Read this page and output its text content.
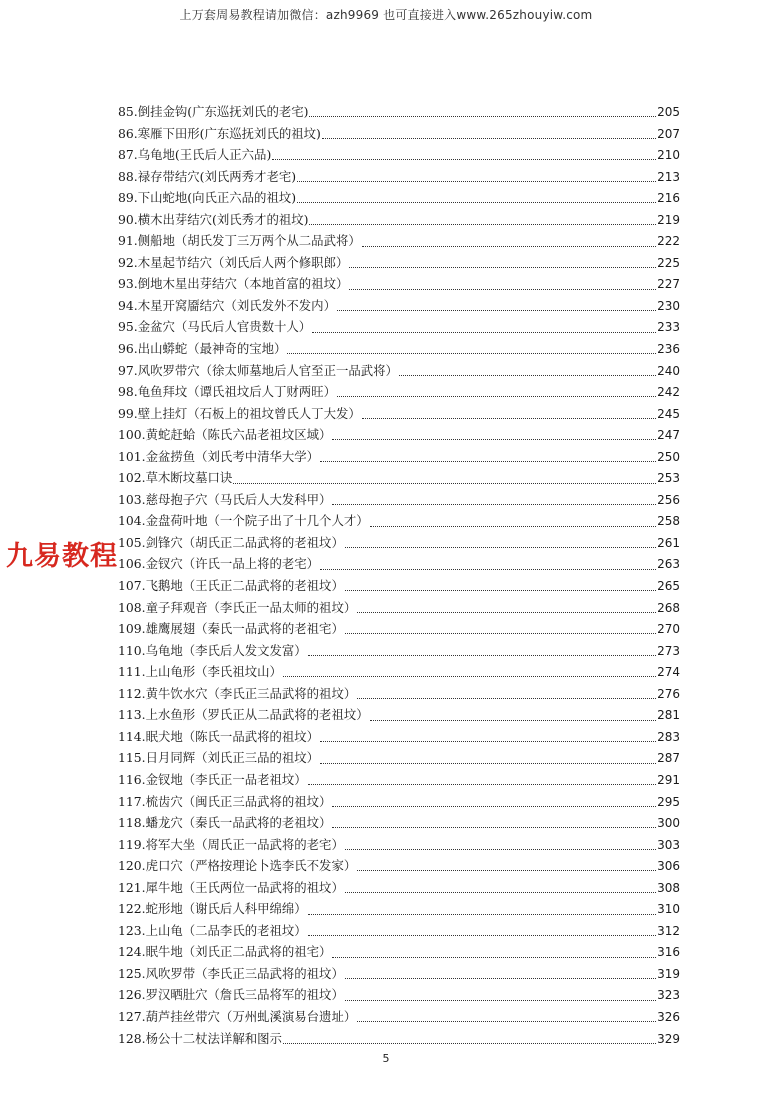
上万套周易教程请加微信：azh9969 也可直接进入www.265zhouyiw.com
85.倒挂金钩(广东巡抚刘氏的老宅)	205
86.寒雁下田形(广东巡抚刘氏的祖坟)	207
87.乌龟地(王氏后人正六品)	210
88.禄存带结穴(刘氏两秀才老宅)	213
89.下山蛇地(向氏正六品的祖坟)	216
90.横木出芽结穴(刘氏秀才的祖坟)	219
91.侧船地（胡氏发丁三万两个从二品武将）	222
92.木星起节结穴（刘氏后人两个修职郎）	225
93.倒地木星出芽结穴（本地首富的祖坟）	227
94.木星开窝靥结穴（刘氏发外不发内）	230
95.金盆穴（马氏后人官贵数十人）	233
96.出山蟒蛇（最神奇的宝地）	236
97.风吹罗带穴（徐太师墓地后人官至正一品武将）	240
98.龟鱼拜坟（谭氏祖坟后人丁财两旺）	242
99.壁上挂灯（石板上的祖坟曾氏人丁大发）	245
100.黄蛇赶蛤（陈氏六品老祖坟区域）	247
101.金盆捞鱼（刘氏考中清华大学）	250
102.草木断坟墓口诀	253
103.慈母抱子穴（马氏后人大发科甲）	256
104.金盘荷叶地（一个院子出了十几个人才）	258
105.剑锋穴（胡氏正二品武将的老祖坟）	261
106.金钗穴（许氏一品上将的老宅）	263
107.飞鹅地（王氏正二品武将的老祖坟）	265
108.童子拜观音（李氏正一品太师的祖坟）	268
109.雄鹰展翅（秦氏一品武将的老祖宅）	270
110.乌龟地（李氏后人发文发富）	273
111.上山龟形（李氏祖坟山）	274
112.黄牛饮水穴（李氏正三品武将的祖坟）	276
113.上水鱼形（罗氏正从二品武将的老祖坟）	281
114.眠犬地（陈氏一品武将的祖坟）	283
115.日月同辉（刘氏正三品的祖坟）	287
116.金钗地（李氏正一品老祖坟）	291
117.梳齿穴（闽氏正三品武将的祖坟）	295
118.蟠龙穴（秦氏一品武将的老祖坟）	300
119.将军大坐（周氏正一品武将的老宅）	303
120.虎口穴（严格按理论卜选李氏不发家）	306
121.犀牛地（王氏两位一品武将的祖坟）	308
122.蛇形地（谢氏后人科甲绵绵）	310
123.上山龟（二品李氏的老祖坟）	312
124.眠牛地（刘氏正二品武将的祖宅）	316
125.风吹罗带（李氏正三品武将的祖坟）	319
126.罗汉晒肚穴（詹氏三品将军的祖坟）	323
127.葫芦挂丝带穴（万州虬溪演易台遗址）	326
128.杨公十二杖法详解和图示	329
九易教程
5
